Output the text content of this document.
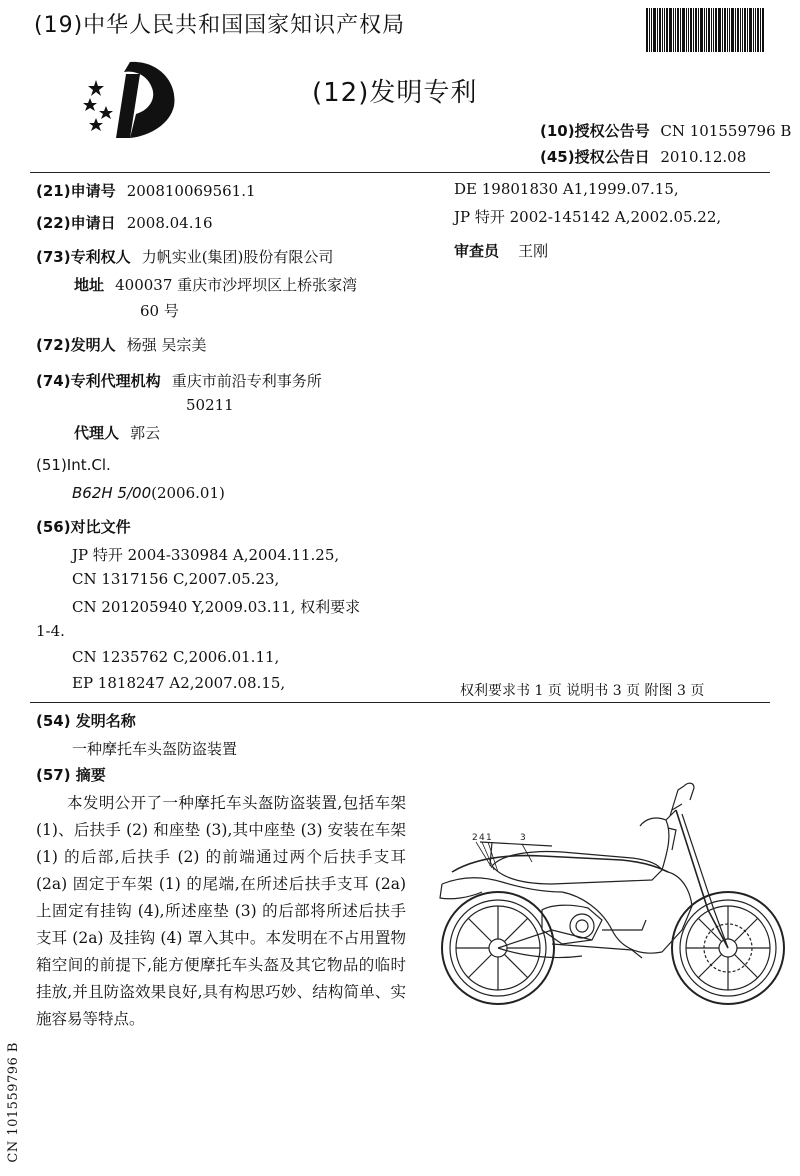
(19)中华人民共和国国家知识产权局
(12)发明专利
(10)授权公告号 CN 101559796 B
(45)授权公告日 2010.12.08
(21)申请号 200810069561.1
(22)申请日 2008.04.16
(73)专利权人 力帆实业(集团)股份有限公司
地址 400037 重庆市沙坪坝区上桥张家湾
60 号
(72)发明人 杨强 吴宗美
(74)专利代理机构 重庆市前沿专利事务所
50211
代理人 郭云
(51)Int.Cl.
B62H 5/00(2006.01)
(56)对比文件
JP 特开 2004-330984 A,2004.11.25,
CN 1317156 C,2007.05.23,
CN 201205940 Y,2009.03.11, 权利要求
1-4.
CN 1235762 C,2006.01.11,
EP 1818247 A2,2007.08.15,
DE 19801830 A1,1999.07.15,
JP 特开 2002-145142 A,2002.05.22,
审查员 王刚
权利要求书 1 页 说明书 3 页 附图 3 页
(54) 发明名称
一种摩托车头盔防盗装置
(57) 摘要

本发明公开了一种摩托车头盔防盗装置,包括车架 (1)、后扶手 (2) 和座垫 (3),其中座垫 (3) 安装在车架 (1) 的后部,后扶手 (2) 的前端通过两个后扶手支耳 (2a) 固定于车架 (1) 的尾端,在所述后扶手支耳 (2a) 上固定有挂钩 (4),所述座垫 (3) 的后部将所述后扶手支耳 (2a) 及挂钩 (4) 罩入其中。本发明在不占用置物箱空间的前提下,能方便摩托车头盔及其它物品的临时挂放,并且防盗效果良好,具有构思巧妙、结构简单、实施容易等特点。

2 4 1	3
CN 101559796 B
